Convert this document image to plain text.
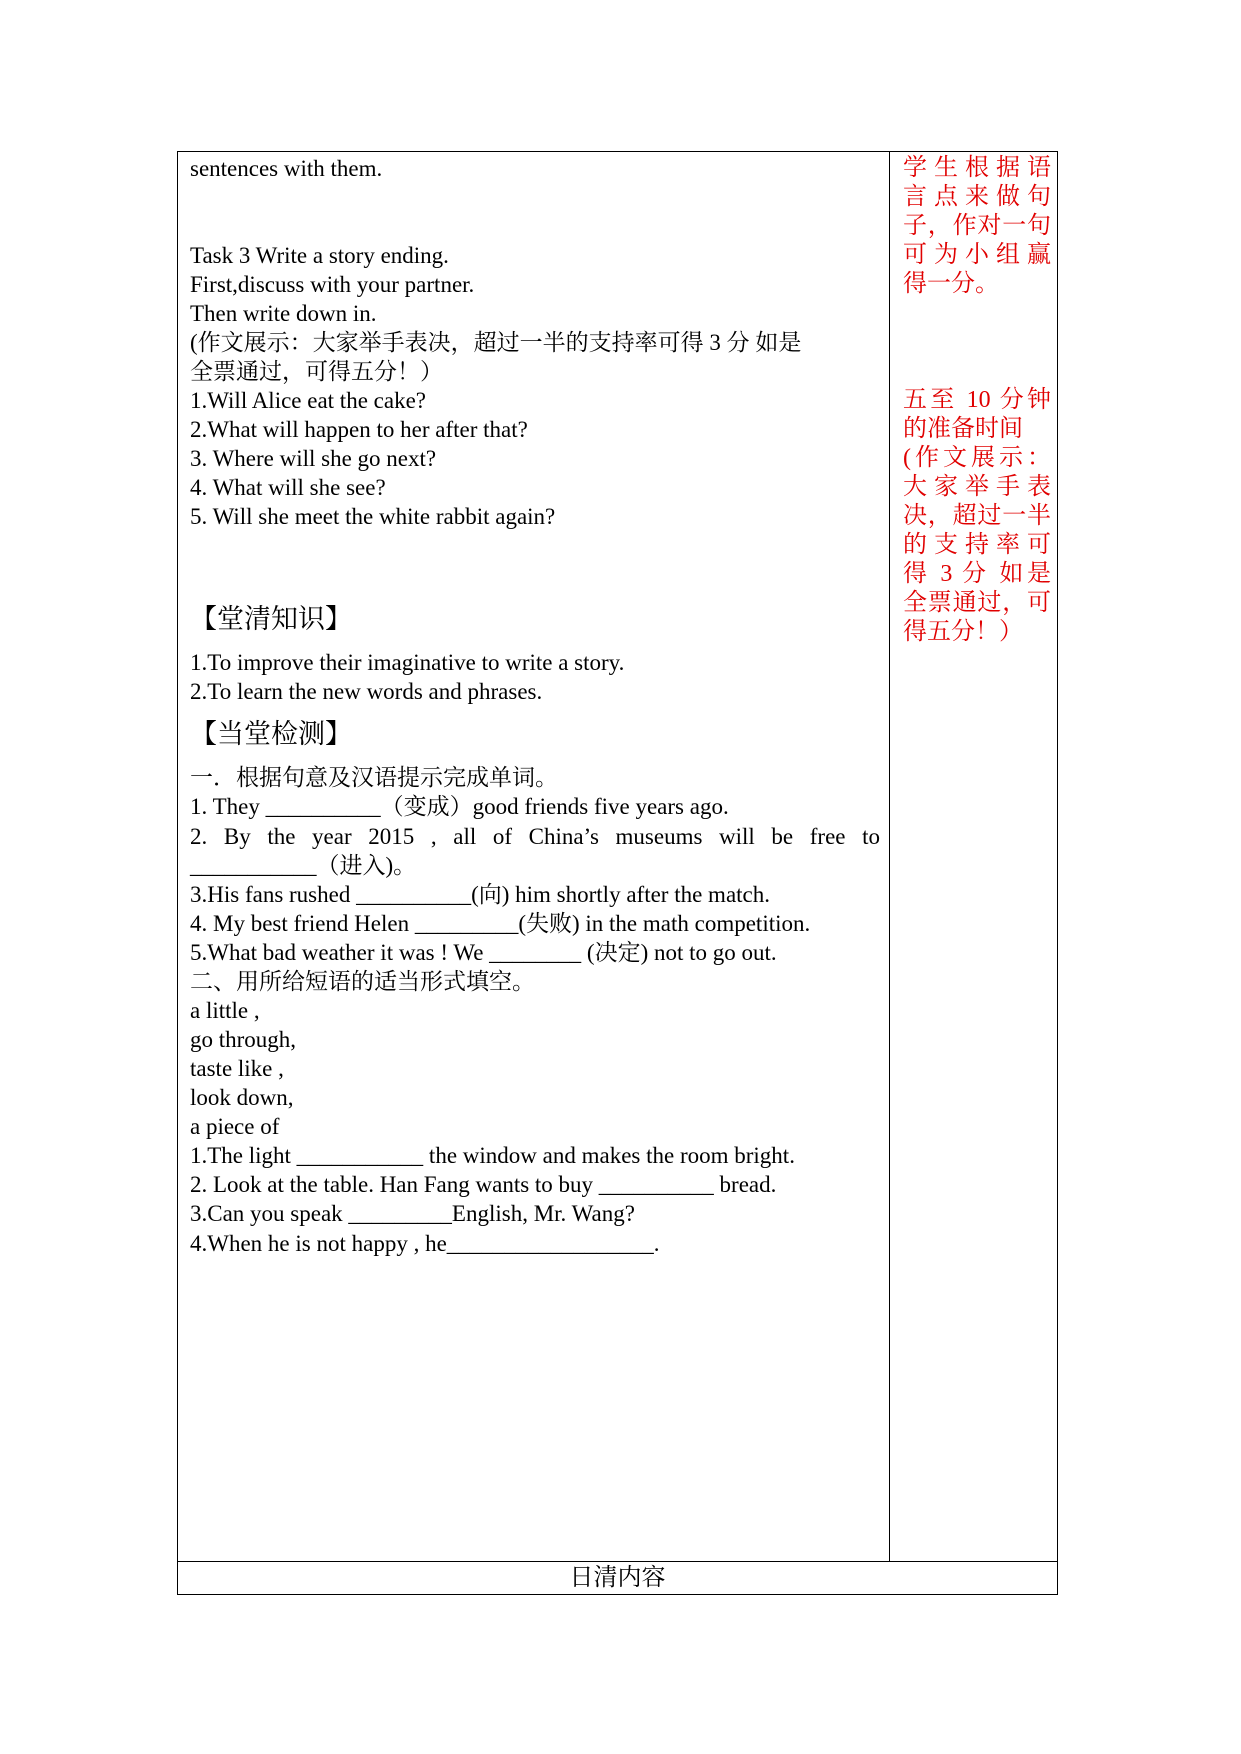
sentences with them.
Task 3 Write a story ending.
First,discuss with your partner.
Then write down in.
(作文展示：大家举手表决，超过一半的支持率可得 3 分 如是
全票通过，可得五分！）
1.Will Alice eat the cake?
2.What will happen to her after that?
3. Where will she go next?
4. What will she see?
5. Will she meet the white rabbit again?
【堂清知识】
1.To improve their imaginative to write a story.
2.To learn the new words and phrases.
【当堂检测】
一．根据句意及汉语提示完成单词。
1. They __________（变成）good friends five years ago.
2. By the year 2015 , all of China’s museums will be free to
___________（进入)。
3.His fans rushed __________(向) him shortly after the match.
4. My best friend Helen _________(失败) in the math competition.
5.What bad weather it was ! We ________ (决定) not to go out.
二、用所给短语的适当形式填空。
a little ,
go through,
taste like ,
look down,
a piece of
1.The light ___________ the window and makes the room bright.
2. Look at the table. Han Fang wants to buy __________ bread.
3.Can you speak _________English, Mr. Wang?
4.When he is not happy , he__________________.
学生根据语
言点来做句
子，作对一句
可为小组赢
得一分。
五至 10 分钟
的准备时间
(作文展示：
大家举手表
决，超过一半
的支持率可
得 3 分 如是
全票通过，可
得五分！）
日清内容
